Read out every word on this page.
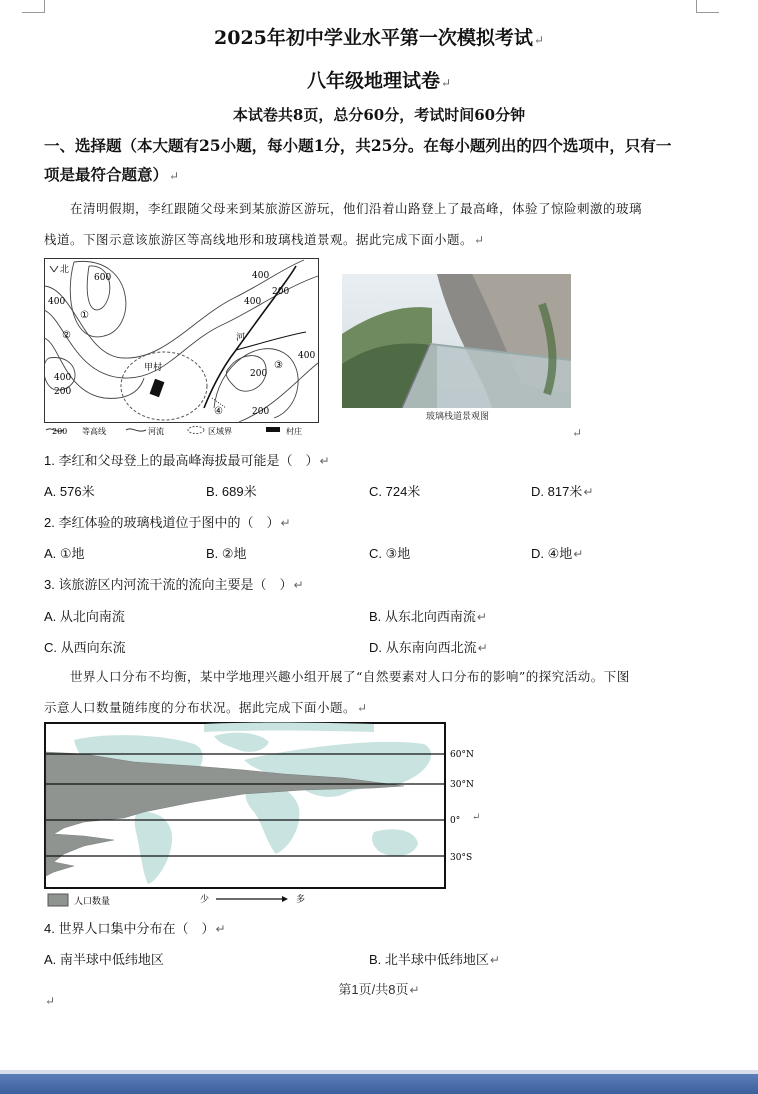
2025年初中学业水平第一次模拟考试↵
八年级地理试卷↵
本试卷共8页，总分60分，考试时间60分钟
一、选择题（本大题有25小题，每小题1分，共25分。在每小题列出的四个选项中，只有一
项是最符合题意）↵
在清明假期，李红跟随父母来到某旅游区游玩，他们沿着山路登上了最高峰，体验了惊险刺激的玻璃
栈道。下图示意该旅游区等高线地形和玻璃栈道景观。据此完成下面小题。↵
北
甲村
河
600
400
400
400
200
400
200
400
200
200
①
②
③
④
200 等高线	河流	区域界	村庄
玻璃栈道景观图
↵
1. 李红和父母登上的最高峰海拔最可能是（　）↵
A. 576米	B. 689米	C. 724米	D. 817米↵
2. 李红体验的玻璃栈道位于图中的（　）↵
A. ①地	B. ②地	C. ③地	D. ④地↵
3. 该旅游区内河流干流的流向主要是（　）↵
A. 从北向南流	B. 从东北向西南流↵
C. 从西向东流	D. 从东南向西北流↵
世界人口分布不均衡，某中学地理兴趣小组开展了“自然要素对人口分布的影响”的探究活动。下图
示意人口数量随纬度的分布状况。据此完成下面小题。↵
60°N
30°N
0° ↵
30°S
人口数量	少	多
4. 世界人口集中分布在（　）↵
A. 南半球中低纬地区	B. 北半球中低纬地区↵
第1页/共8页↵
↵
